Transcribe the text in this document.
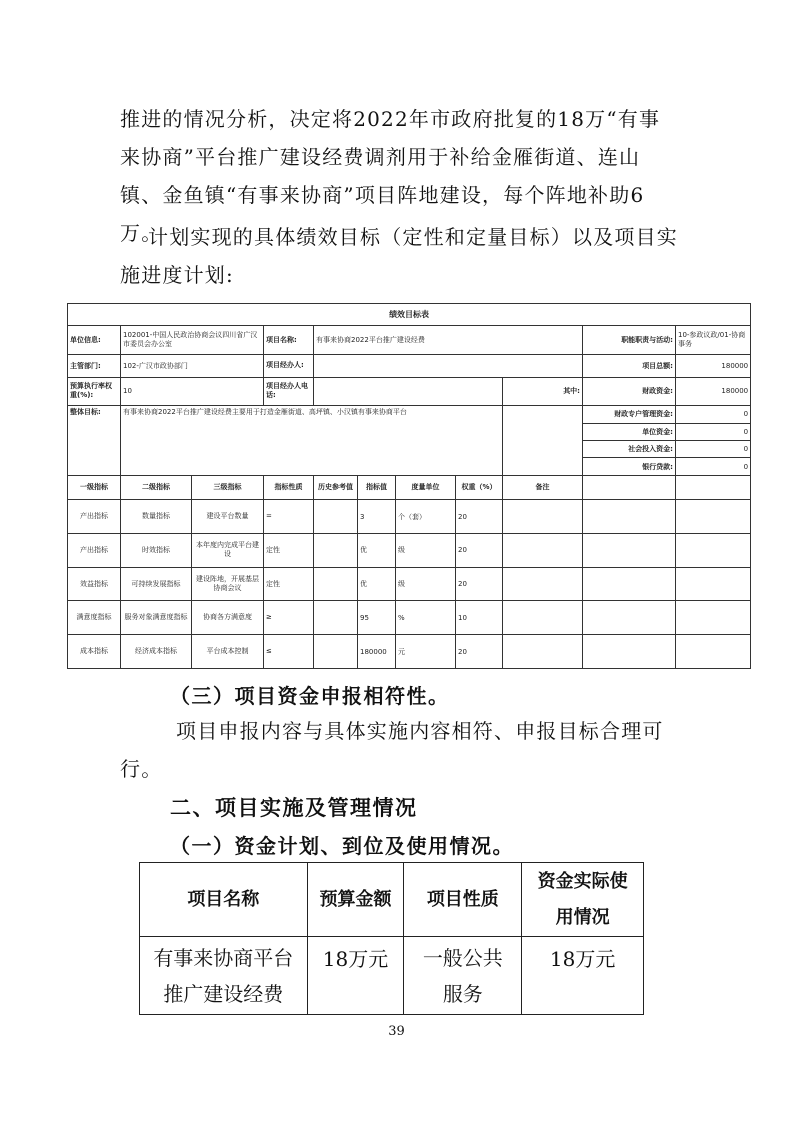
推进的情况分析，决定将2022年市政府批复的18万“有事来协商”平台推广建设经费调剂用于补给金雁街道、连山镇、金鱼镇“有事来协商”项目阵地建设，每个阵地补助6万。
计划实现的具体绩效目标（定性和定量目标）以及项目实施进度计划:
绩效目标表										
单位信息:	102001-中国人民政治协商会议四川省广汉市委员会办公室		项目名称:	有事来协商2022平台推广建设经费					职能职责与活动:	10-参政议政/01-协商事务
主管部门:	102-广汉市政协部门		项目经办人:						项目总额:	180000
预算执行率权重(%):	10		项目经办人电话:					其中:	财政资金:	180000
整体目标:	有事来协商2022平台推广建设经费主要用于打造金雁街道、高坪镇、小汉镇有事来协商平台								财政专户管理资金:	0
									单位资金:	0
									社会投入资金:	0
									银行贷款:	0
一级指标	二级指标	三级指标	指标性质	历史参考值	指标值	度量单位	权重（%）	备注		
产出指标	数量指标	建设平台数量	=		3	个（套）	20			
产出指标	时效指标	本年度内完成平台建设	定性		优	级	20			
效益指标	可持续发展指标	建设阵地，开展基层协商会议	定性		优	级	20			
满意度指标	服务对象满意度指标	协商各方满意度	≥		95	%	10			
成本指标	经济成本指标	平台成本控制	≤		180000	元	20			
（三）项目资金申报相符性。
项目申报内容与具体实施内容相符、申报目标合理可行。
二、项目实施及管理情况
（一）资金计划、到位及使用情况。
项目名称	预算金额	项目性质	资金实际使用情况
有事来协商平台推广建设经费	18万元	一般公共服务	18万元
39
